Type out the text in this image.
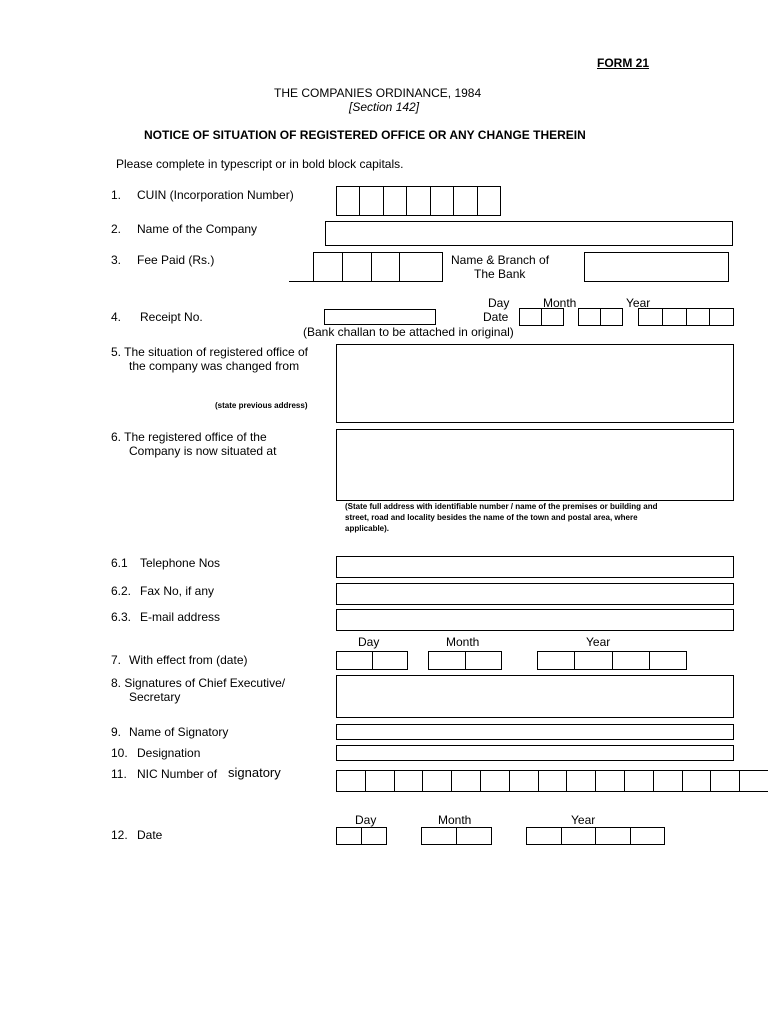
FORM 21
THE COMPANIES ORDINANCE, 1984
[Section 142]
NOTICE OF SITUATION OF REGISTERED OFFICE OR ANY CHANGE THEREIN
Please complete in typescript or in bold block capitals.
1. CUIN (Incorporation Number)
2. Name of the Company
3. Fee Paid (Rs.)	Name & Branch of
The Bank
Day	Month	Year
4. Receipt No.	Date
(Bank challan to be attached in original)
5. The situation of registered office of
the company was changed from
(state previous address)
6. The registered office of the
Company is now situated at
(State full address with identifiable number / name of the premises or building and
street, road and locality besides the name of the town and postal area, where
applicable).
6.1 Telephone Nos
6.2. Fax No, if any
6.3. E-mail address
Day	Month	Year
7. With effect from (date)
8. Signatures of Chief Executive/
Secretary
9. Name of Signatory
10. Designation
11. NIC Number of signatory
Day	Month	Year
12. Date
